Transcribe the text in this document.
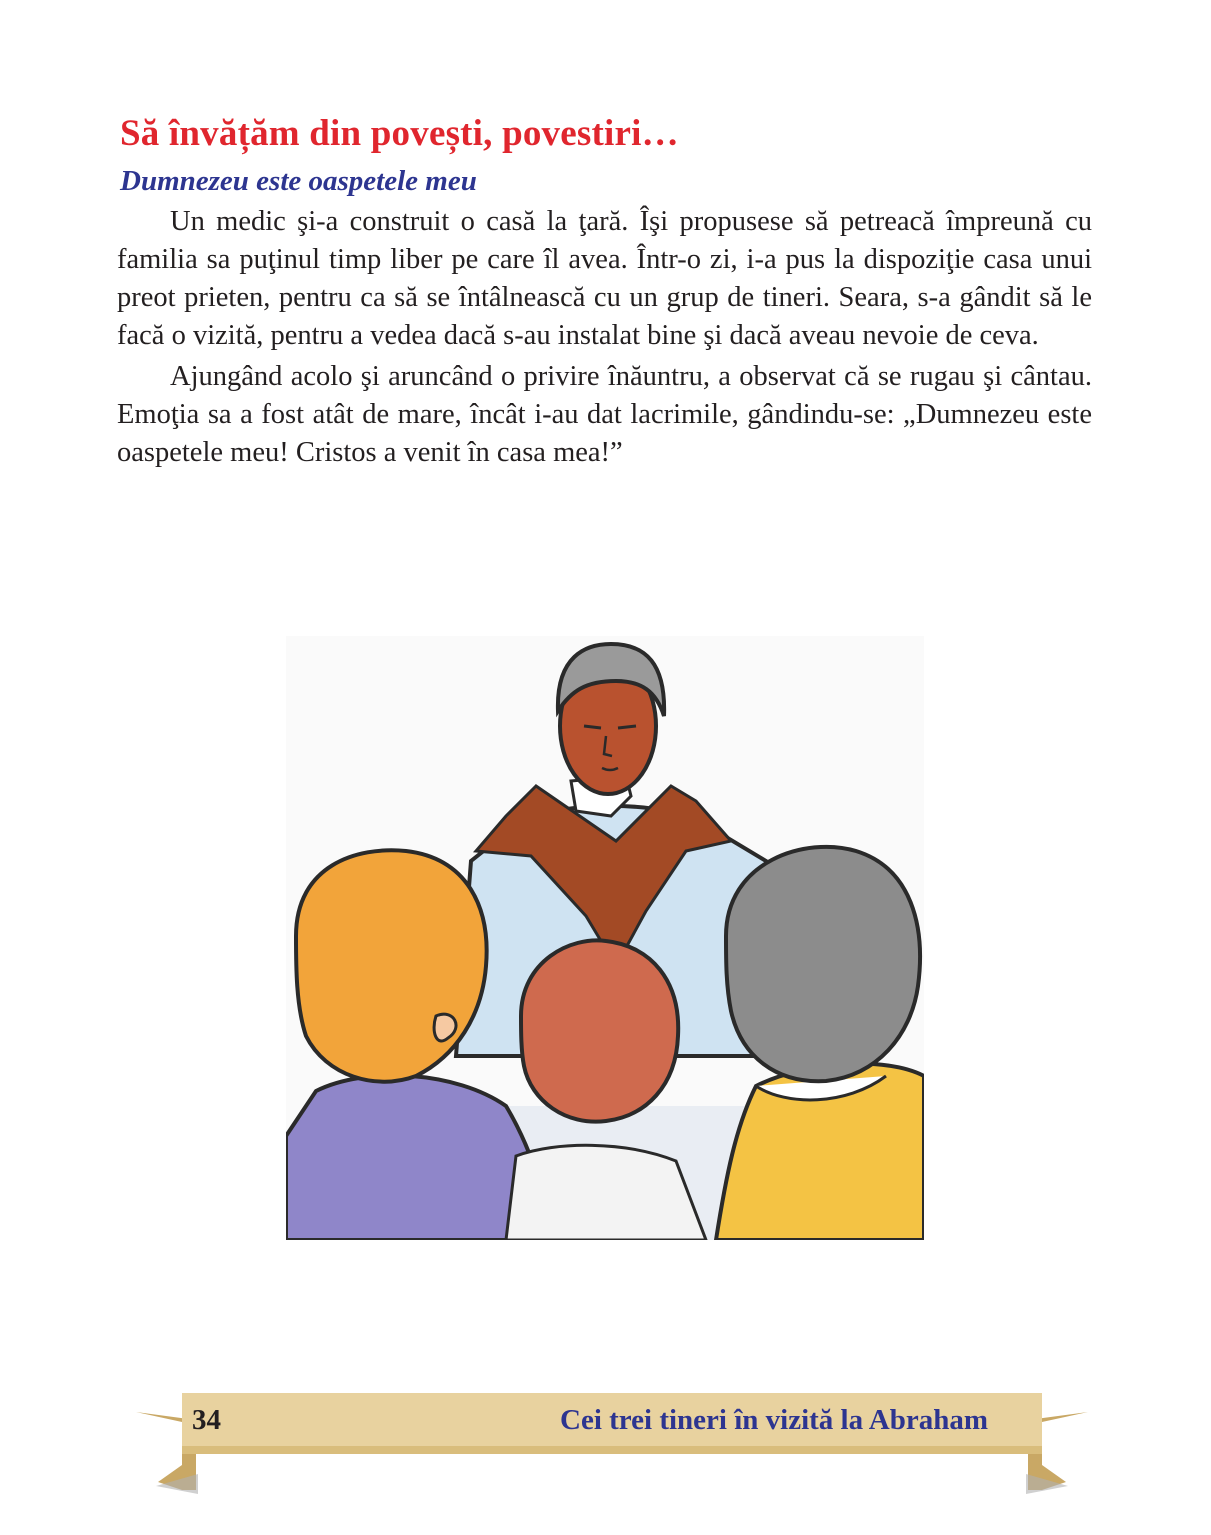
Să învățăm din povești, povestiri…
Dumnezeu este oaspetele meu

Un medic şi-a construit o casă la ţară. Îşi propusese să petreacă împreună cu familia sa puţinul timp liber pe care îl avea. Într-o zi, i-a pus la dispoziţie casa unui preot prieten, pentru ca să se întâlnească cu un grup de tineri. Seara, s-a gândit să le facă o vizită, pentru a vedea dacă s-au instalat bine şi dacă aveau nevoie de ceva.

Ajungând acolo şi aruncând o privire înăuntru, a observat că se rugau şi cântau. Emoţia sa a fost atât de mare, încât i-au dat lacrimile, gândindu-se: „Dumnezeu este oaspetele meu! Cristos a venit în casa mea!”

34	Cei trei tineri în vizită la Abraham
